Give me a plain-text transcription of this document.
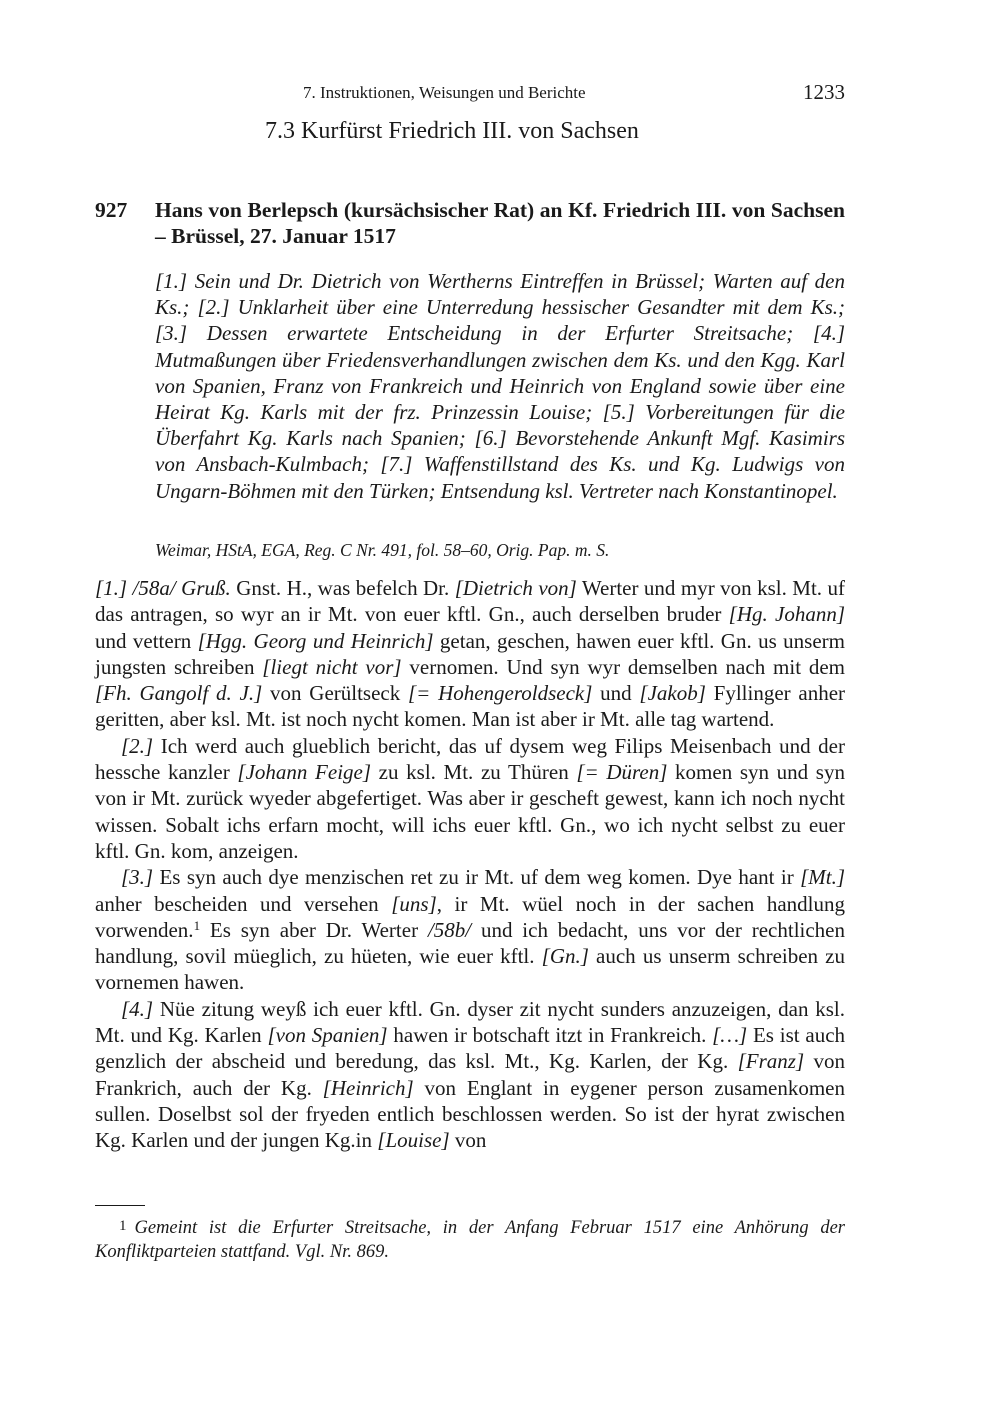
7. Instruktionen, Weisungen und Berichte	1233
7.3 Kurfürst Friedrich III. von Sachsen
927 Hans von Berlepsch (kursächsischer Rat) an Kf. Friedrich III. von Sachsen – Brüssel, 27. Januar 1517
[1.] Sein und Dr. Dietrich von Wertherns Eintreffen in Brüssel; Warten auf den Ks.; [2.] Unklarheit über eine Unterredung hessischer Gesandter mit dem Ks.; [3.] Dessen erwartete Entscheidung in der Erfurter Streitsache; [4.] Mutmaßungen über Friedensverhandlungen zwischen dem Ks. und den Kgg. Karl von Spanien, Franz von Frankreich und Heinrich von England sowie über eine Heirat Kg. Karls mit der frz. Prinzessin Louise; [5.] Vorbereitungen für die Überfahrt Kg. Karls nach Spanien; [6.] Bevorstehende Ankunft Mgf. Kasimirs von Ansbach-Kulmbach; [7.] Waffenstillstand des Ks. und Kg. Ludwigs von Ungarn-Böhmen mit den Türken; Entsendung ksl. Vertreter nach Konstantinopel.
Weimar, HStA, EGA, Reg. C Nr. 491, fol. 58–60, Orig. Pap. m. S.

[1.] /58a/ Gruß. Gnst. H., was befelch Dr. [Dietrich von] Werter und myr von ksl. Mt. uf das antragen, so wyr an ir Mt. von euer kftl. Gn., auch derselben bruder [Hg. Johann] und vettern [Hgg. Georg und Heinrich] getan, geschen, hawen euer kftl. Gn. us unserm jungsten schreiben [liegt nicht vor] vernomen. Und syn wyr demselben nach mit dem [Fh. Gangolf d. J.] von Gerültseck [= Hohengeroldseck] und [Jakob] Fyllinger anher geritten, aber ksl. Mt. ist noch nycht komen. Man ist aber ir Mt. alle tag wartend.

[2.] Ich werd auch glueblich bericht, das uf dysem weg Filips Meisenbach und der hessche kanzler [Johann Feige] zu ksl. Mt. zu Thüren [= Düren] komen syn und syn von ir Mt. zurück wyeder abgefertiget. Was aber ir gescheft gewest, kann ich noch nycht wissen. Sobalt ichs erfarn mocht, will ichs euer kftl. Gn., wo ich nycht selbst zu euer kftl. Gn. kom, anzeigen.

[3.] Es syn auch dye menzischen ret zu ir Mt. uf dem weg komen. Dye hant ir [Mt.] anher bescheiden und versehen [uns], ir Mt. wüel noch in der sachen handlung vorwenden.$^1$ Es syn aber Dr. Werter /58b/ und ich bedacht, uns vor der rechtlichen handlung, sovil müeglich, zu hüeten, wie euer kftl. [Gn.] auch us unserm schreiben zu vornemen hawen.

[4.] Nüe zitung weyß ich euer kftl. Gn. dyser zit nycht sunders anzuzeigen, dan ksl. Mt. und Kg. Karlen [von Spanien] hawen ir botschaft itzt in Frankreich. […] Es ist auch genzlich der abscheid und beredung, das ksl. Mt., Kg. Karlen, der Kg. [Franz] von Frankrich, auch der Kg. [Heinrich] von Englant in eygener person zusamenkomen sullen. Doselbst sol der fryeden entlich beschlossen werden. So ist der hyrat zwischen Kg. Karlen und der jungen Kg.in [Louise] von

1 Gemeint ist die Erfurter Streitsache, in der Anfang Februar 1517 eine Anhörung der Konfliktparteien stattfand. Vgl. Nr. 869.
